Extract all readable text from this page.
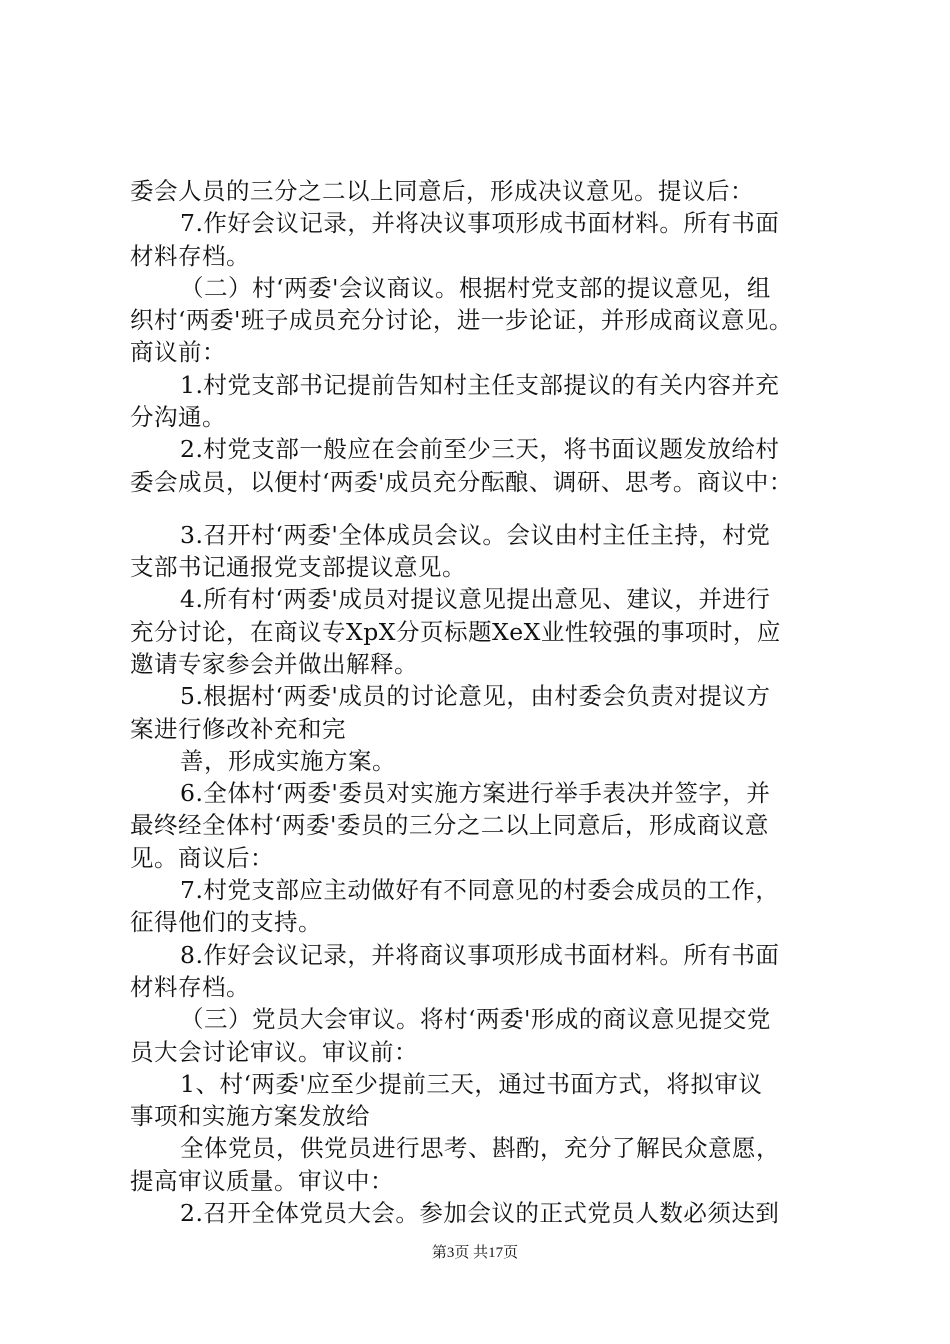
委会人员的三分之二以上同意后，形成决议意见。提议后：
7.作好会议记录，并将决议事项形成书面材料。所有书面
材料存档。
（二）村‘两委'会议商议。根据村党支部的提议意见，组
织村‘两委'班子成员充分讨论，进一步论证，并形成商议意见。
商议前：
1.村党支部书记提前告知村主任支部提议的有关内容并充
分沟通。
2.村党支部一般应在会前至少三天，将书面议题发放给村
委会成员，以便村‘两委'成员充分酝酿、调研、思考。商议中：
3.召开村‘两委'全体成员会议。会议由村主任主持，村党
支部书记通报党支部提议意见。
4.所有村‘两委'成员对提议意见提出意见、建议，并进行
充分讨论，在商议专XpX分页标题XeX业性较强的事项时，应
邀请专家参会并做出解释。
5.根据村‘两委'成员的讨论意见，由村委会负责对提议方
案进行修改补充和完
善，形成实施方案。
6.全体村‘两委'委员对实施方案进行举手表决并签字，并
最终经全体村‘两委'委员的三分之二以上同意后，形成商议意
见。商议后：
7.村党支部应主动做好有不同意见的村委会成员的工作，
征得他们的支持。
8.作好会议记录，并将商议事项形成书面材料。所有书面
材料存档。
（三）党员大会审议。将村‘两委'形成的商议意见提交党
员大会讨论审议。审议前：
1、村‘两委'应至少提前三天，通过书面方式，将拟审议
事项和实施方案发放给
全体党员，供党员进行思考、斟酌，充分了解民众意愿，
提高审议质量。审议中：
2.召开全体党员大会。参加会议的正式党员人数必须达到
第3页 共17页
